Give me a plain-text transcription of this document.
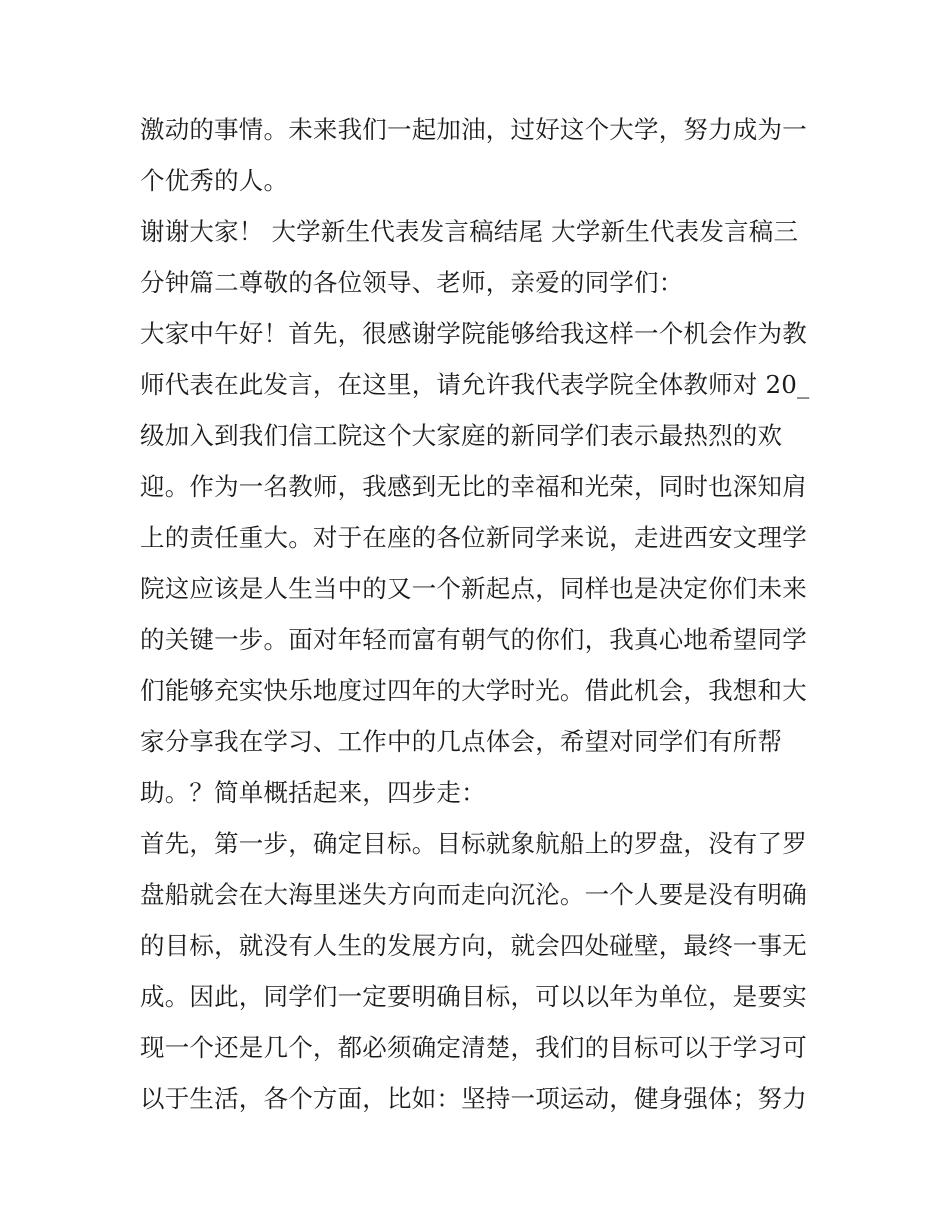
激动的事情。未来我们一起加油，过好这个大学，努力成为一
个优秀的人。
谢谢大家！ 大学新生代表发言稿结尾 大学新生代表发言稿三
分钟篇二尊敬的各位领导、老师，亲爱的同学们：
大家中午好！首先，很感谢学院能够给我这样一个机会作为教
师代表在此发言，在这里，请允许我代表学院全体教师对 20_
级加入到我们信工院这个大家庭的新同学们表示最热烈的欢
迎。作为一名教师，我感到无比的幸福和光荣，同时也深知肩
上的责任重大。对于在座的各位新同学来说，走进西安文理学
院这应该是人生当中的又一个新起点，同样也是决定你们未来
的关键一步。面对年轻而富有朝气的你们，我真心地希望同学
们能够充实快乐地度过四年的大学时光。借此机会，我想和大
家分享我在学习、工作中的几点体会，希望对同学们有所帮
助。？简单概括起来，四步走：
首先，第一步，确定目标。目标就象航船上的罗盘，没有了罗
盘船就会在大海里迷失方向而走向沉沦。一个人要是没有明确
的目标，就没有人生的发展方向，就会四处碰壁，最终一事无
成。因此，同学们一定要明确目标，可以以年为单位，是要实
现一个还是几个，都必须确定清楚，我们的目标可以于学习可
以于生活，各个方面，比如：坚持一项运动，健身强体；努力
